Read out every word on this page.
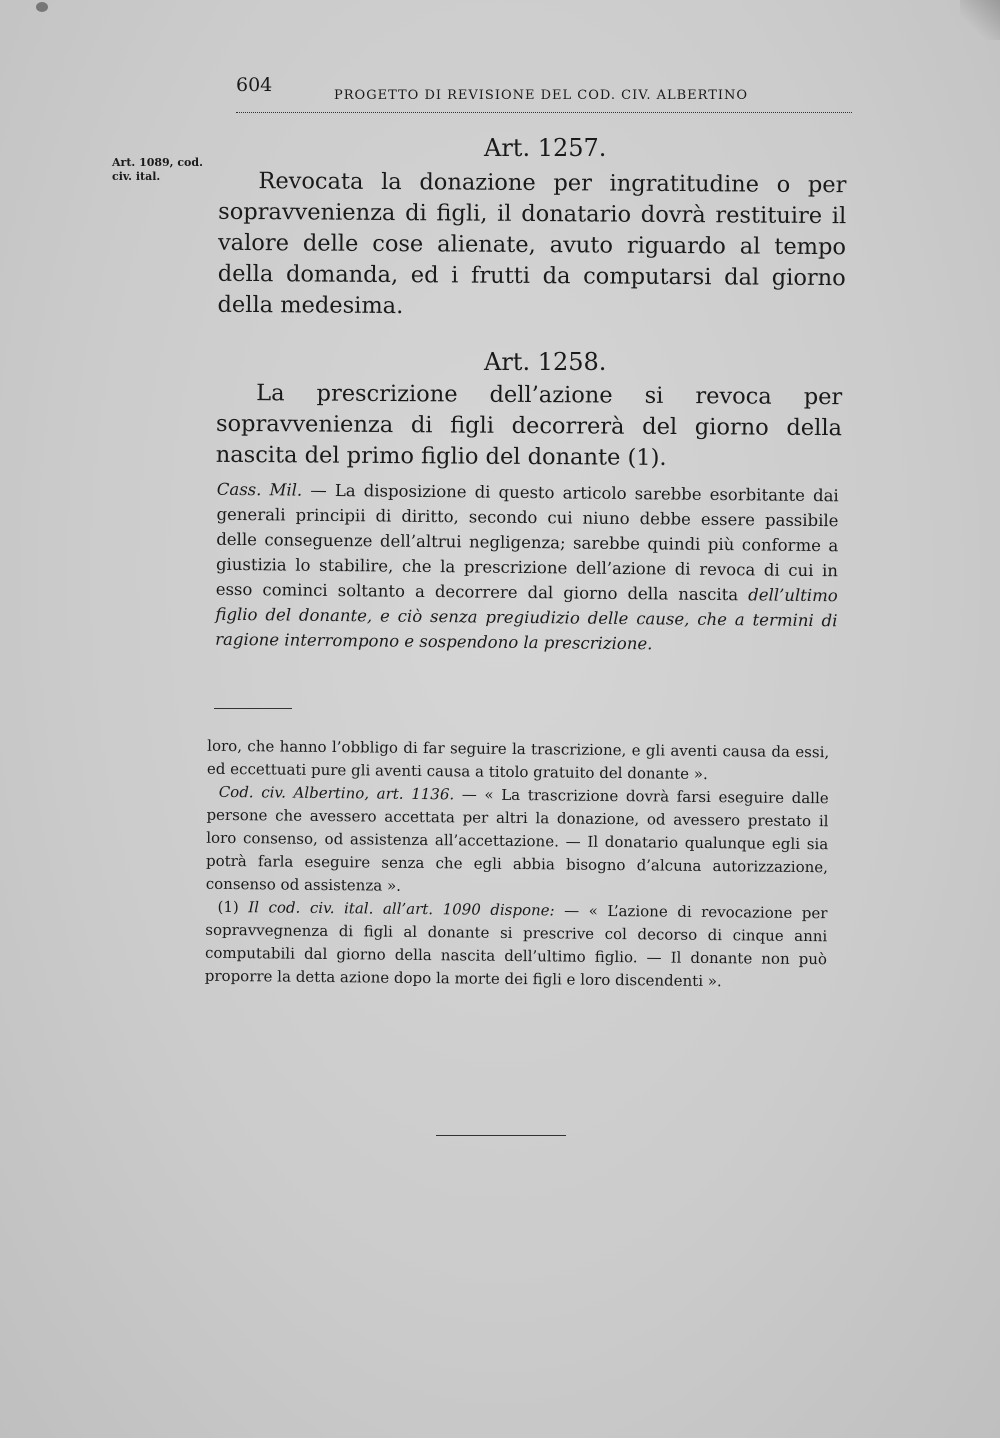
604	PROGETTO DI REVISIONE DEL COD. CIV. ALBERTINO
Art. 1089, cod.
civ. ital.
Art. 1257.
Revocata la donazione per ingratitudine o per sopravvenienza di figli, il donatario dovrà restituire il valore delle cose alienate, avuto riguardo al tempo della domanda, ed i frutti da computarsi dal giorno della medesima.
Art. 1258.
La prescrizione dell’azione si revoca per sopravvenienza di figli decorrerà del giorno della nascita del primo figlio del donante (1).
Cass. Mil. — La disposizione di questo articolo sarebbe esorbitante dai generali principii di diritto, secondo cui niuno debbe essere passibile delle conseguenze dell’altrui negligenza; sarebbe quindi più conforme a giustizia lo stabilire, che la prescrizione dell’azione di revoca di cui in esso cominci soltanto a decorrere dal giorno della nascita dell’ultimo figlio del donante, e ciò senza pregiudizio delle cause, che a termini di ragione interrompono e sospendono la prescrizione.

loro, che hanno l’obbligo di far seguire la trascrizione, e gli aventi causa da essi, ed eccettuati pure gli aventi causa a titolo gratuito del donante ».

Cod. civ. Albertino, art. 1136. — « La trascrizione dovrà farsi eseguire dalle persone che avessero accettata per altri la donazione, od avessero prestato il loro consenso, od assistenza all’accettazione. — Il donatario qualunque egli sia potrà farla eseguire senza che egli abbia bisogno d’alcuna autorizzazione, consenso od assistenza ».

(1) Il cod. civ. ital. all’art. 1090 dispone: — « L’azione di revocazione per sopravvegnenza di figli al donante si prescrive col decorso di cinque anni computabili dal giorno della nascita dell’ultimo figlio. — Il donante non può proporre la detta azione dopo la morte dei figli e loro discendenti ».
